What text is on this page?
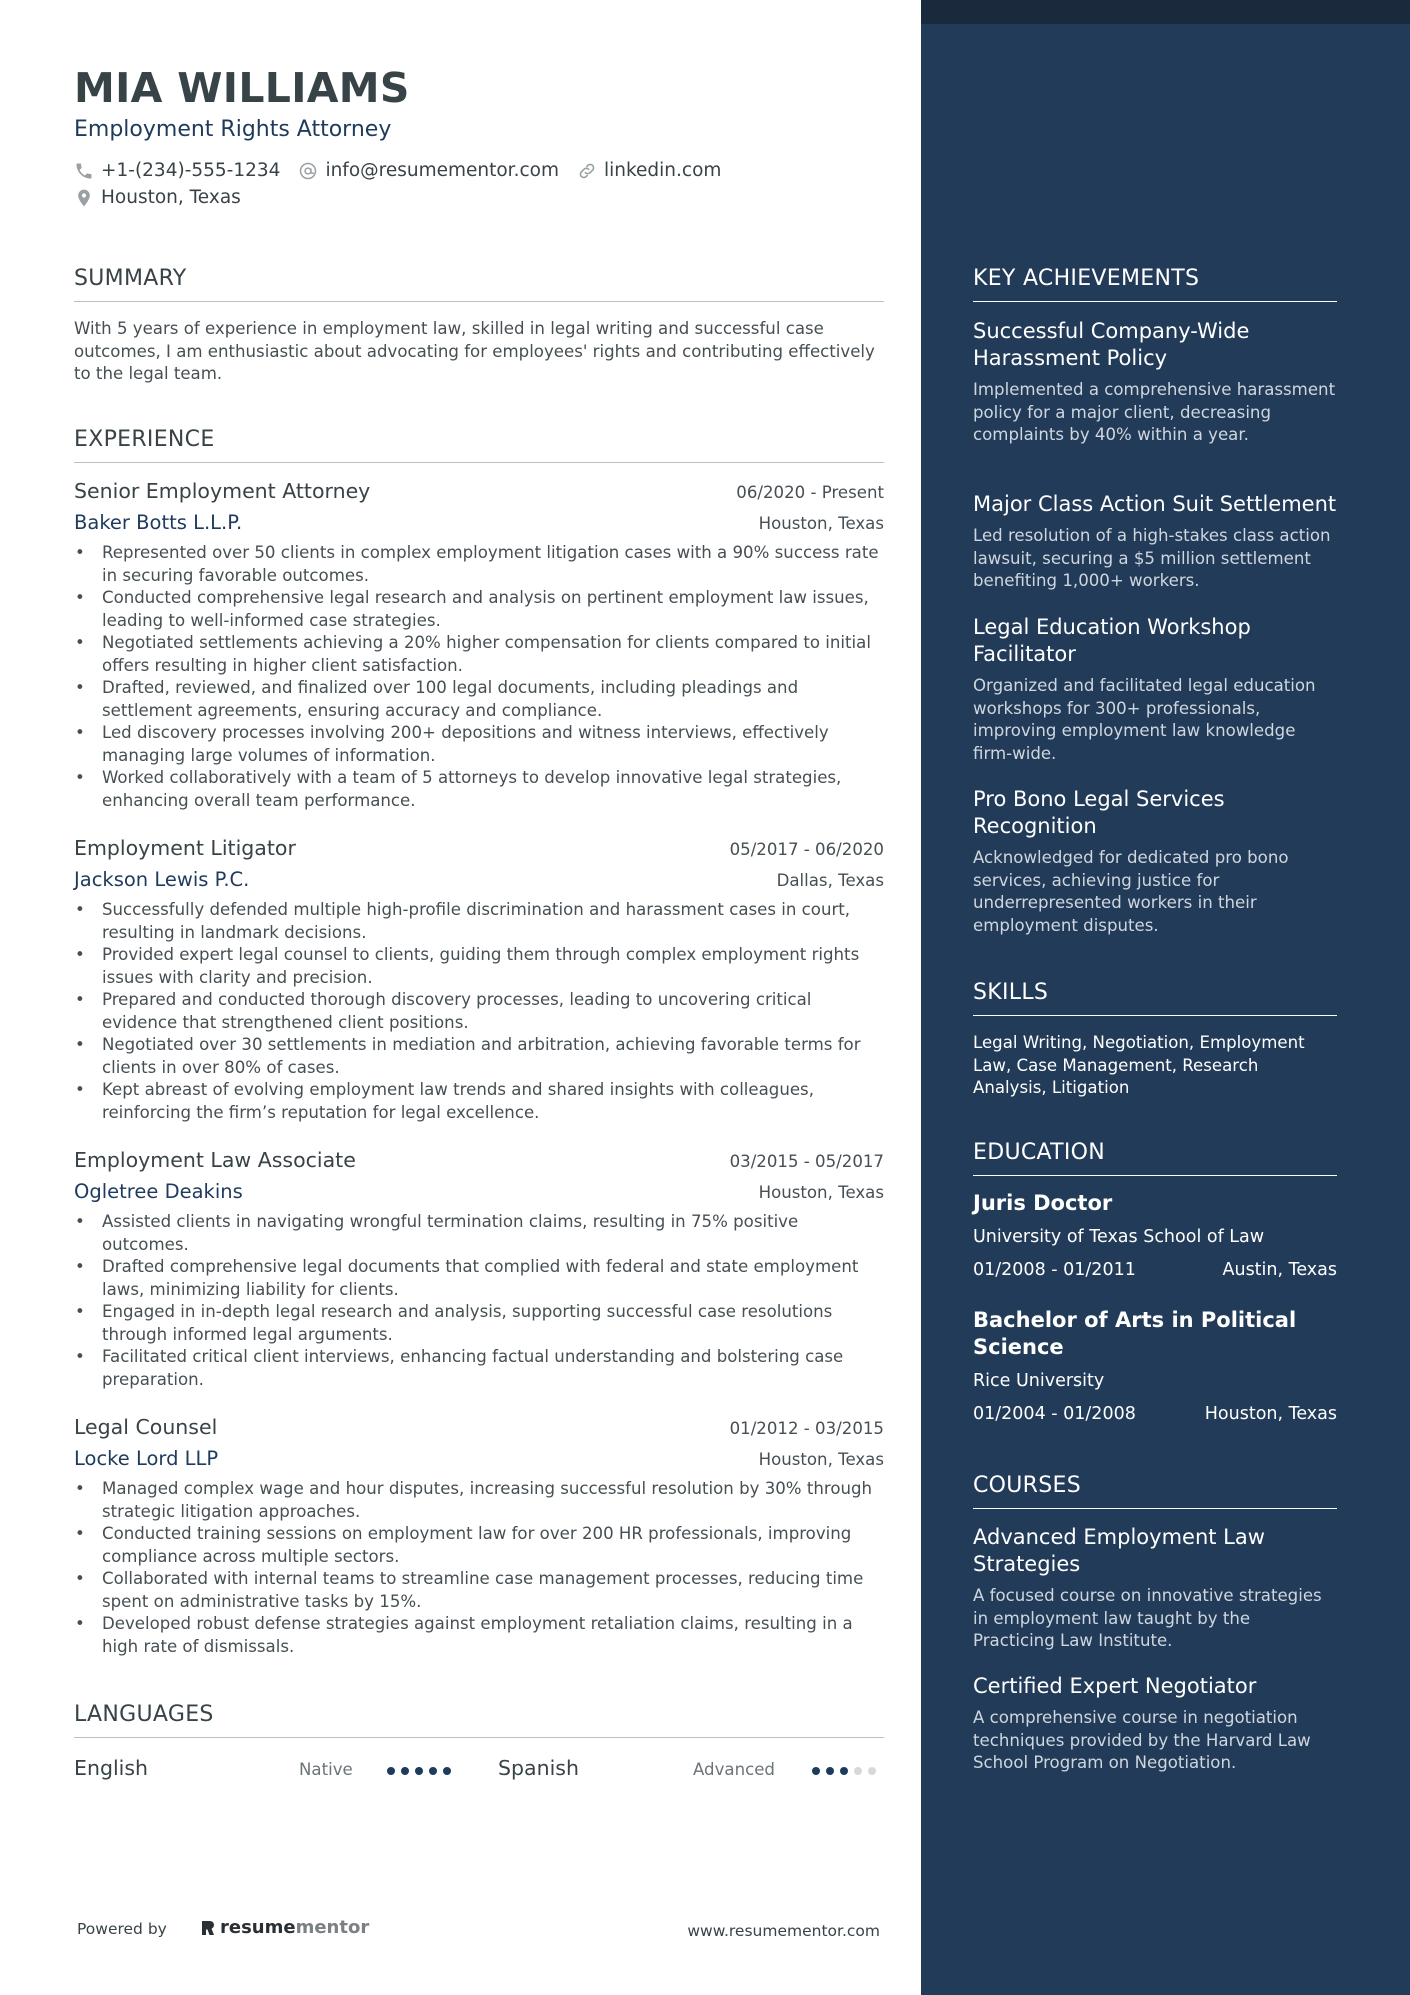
MIA WILLIAMS
Employment Rights Attorney
+1-(234)-555-1234 info@resumementor.com linkedin.com
Houston, Texas
SUMMARY
With 5 years of experience in employment law, skilled in legal writing and successful case outcomes, I am enthusiastic about advocating for employees' rights and contributing effectively to the legal team.
EXPERIENCE
Senior Employment Attorney	06/2020 - Present
Baker Botts L.L.P.	Houston, Texas
• Represented over 50 clients in complex employment litigation cases with a 90% success rate in securing favorable outcomes.
• Conducted comprehensive legal research and analysis on pertinent employment law issues, leading to well-informed case strategies.
• Negotiated settlements achieving a 20% higher compensation for clients compared to initial offers resulting in higher client satisfaction.
• Drafted, reviewed, and finalized over 100 legal documents, including pleadings and settlement agreements, ensuring accuracy and compliance.
• Led discovery processes involving 200+ depositions and witness interviews, effectively managing large volumes of information.
• Worked collaboratively with a team of 5 attorneys to develop innovative legal strategies, enhancing overall team performance.
Employment Litigator	05/2017 - 06/2020
Jackson Lewis P.C.	Dallas, Texas
• Successfully defended multiple high-profile discrimination and harassment cases in court, resulting in landmark decisions.
• Provided expert legal counsel to clients, guiding them through complex employment rights issues with clarity and precision.
• Prepared and conducted thorough discovery processes, leading to uncovering critical evidence that strengthened client positions.
• Negotiated over 30 settlements in mediation and arbitration, achieving favorable terms for clients in over 80% of cases.
• Kept abreast of evolving employment law trends and shared insights with colleagues, reinforcing the firm’s reputation for legal excellence.
Employment Law Associate	03/2015 - 05/2017
Ogletree Deakins	Houston, Texas
• Assisted clients in navigating wrongful termination claims, resulting in 75% positive outcomes.
• Drafted comprehensive legal documents that complied with federal and state employment laws, minimizing liability for clients.
• Engaged in in-depth legal research and analysis, supporting successful case resolutions through informed legal arguments.
• Facilitated critical client interviews, enhancing factual understanding and bolstering case preparation.
Legal Counsel	01/2012 - 03/2015
Locke Lord LLP	Houston, Texas
• Managed complex wage and hour disputes, increasing successful resolution by 30% through strategic litigation approaches.
• Conducted training sessions on employment law for over 200 HR professionals, improving compliance across multiple sectors.
• Collaborated with internal teams to streamline case management processes, reducing time spent on administrative tasks by 15%.
• Developed robust defense strategies against employment retaliation claims, resulting in a high rate of dismissals.
LANGUAGES
English	Native	Spanish	Advanced
Powered by	resume mentor	www.resumementor.com
KEY ACHIEVEMENTS
Successful Company-Wide Harassment Policy
Implemented a comprehensive harassment policy for a major client, decreasing complaints by 40% within a year.
Major Class Action Suit Settlement
Led resolution of a high-stakes class action lawsuit, securing a $5 million settlement benefiting 1,000+ workers.
Legal Education Workshop Facilitator
Organized and facilitated legal education workshops for 300+ professionals, improving employment law knowledge firm-wide.
Pro Bono Legal Services Recognition
Acknowledged for dedicated pro bono services, achieving justice for underrepresented workers in their employment disputes.
SKILLS
Legal Writing, Negotiation, Employment Law, Case Management, Research Analysis, Litigation
EDUCATION
Juris Doctor
University of Texas School of Law
01/2008 - 01/2011	Austin, Texas
Bachelor of Arts in Political Science
Rice University
01/2004 - 01/2008	Houston, Texas
COURSES
Advanced Employment Law Strategies
A focused course on innovative strategies in employment law taught by the Practicing Law Institute.
Certified Expert Negotiator
A comprehensive course in negotiation techniques provided by the Harvard Law School Program on Negotiation.
